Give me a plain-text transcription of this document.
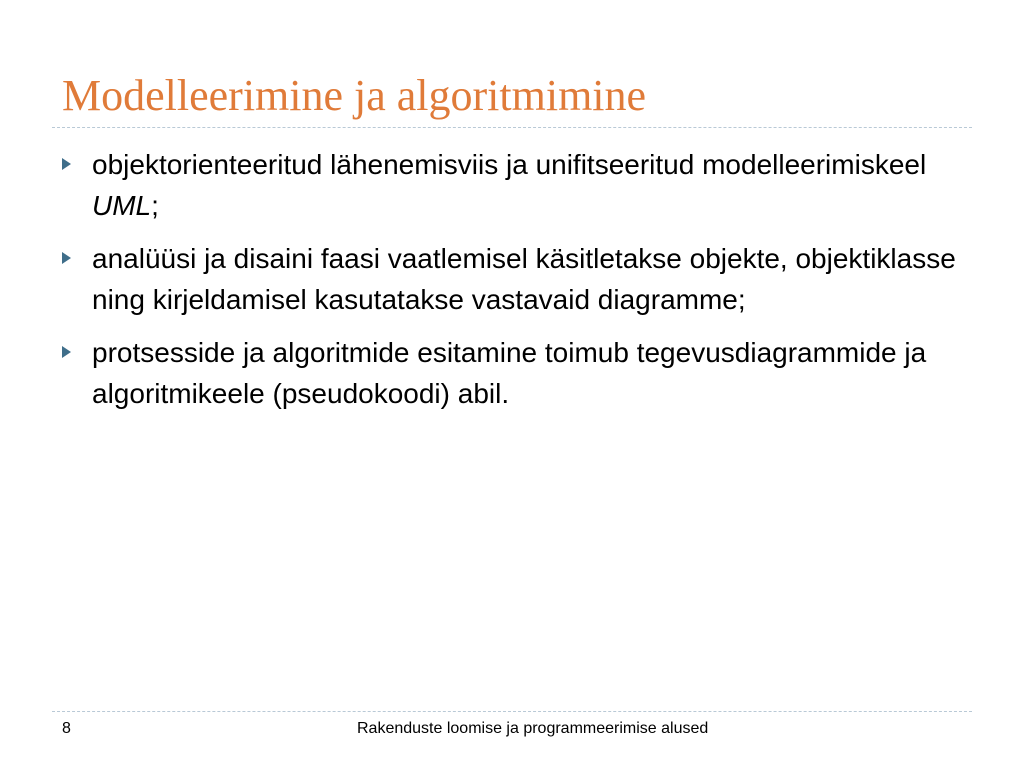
Modelleerimine ja algoritmimine
objektorienteeritud lähenemisviis ja unifitseeritud modelleerimiskeel UML;
analüüsi ja disaini faasi vaatlemisel käsitletakse objekte, objektiklasse ning kirjeldamisel kasutatakse vastavaid diagramme;
protsesside ja algoritmide esitamine toimub tegevusdiagrammide ja algoritmikeele (pseudokoodi) abil.
8	Rakenduste loomise ja programmeerimise alused
